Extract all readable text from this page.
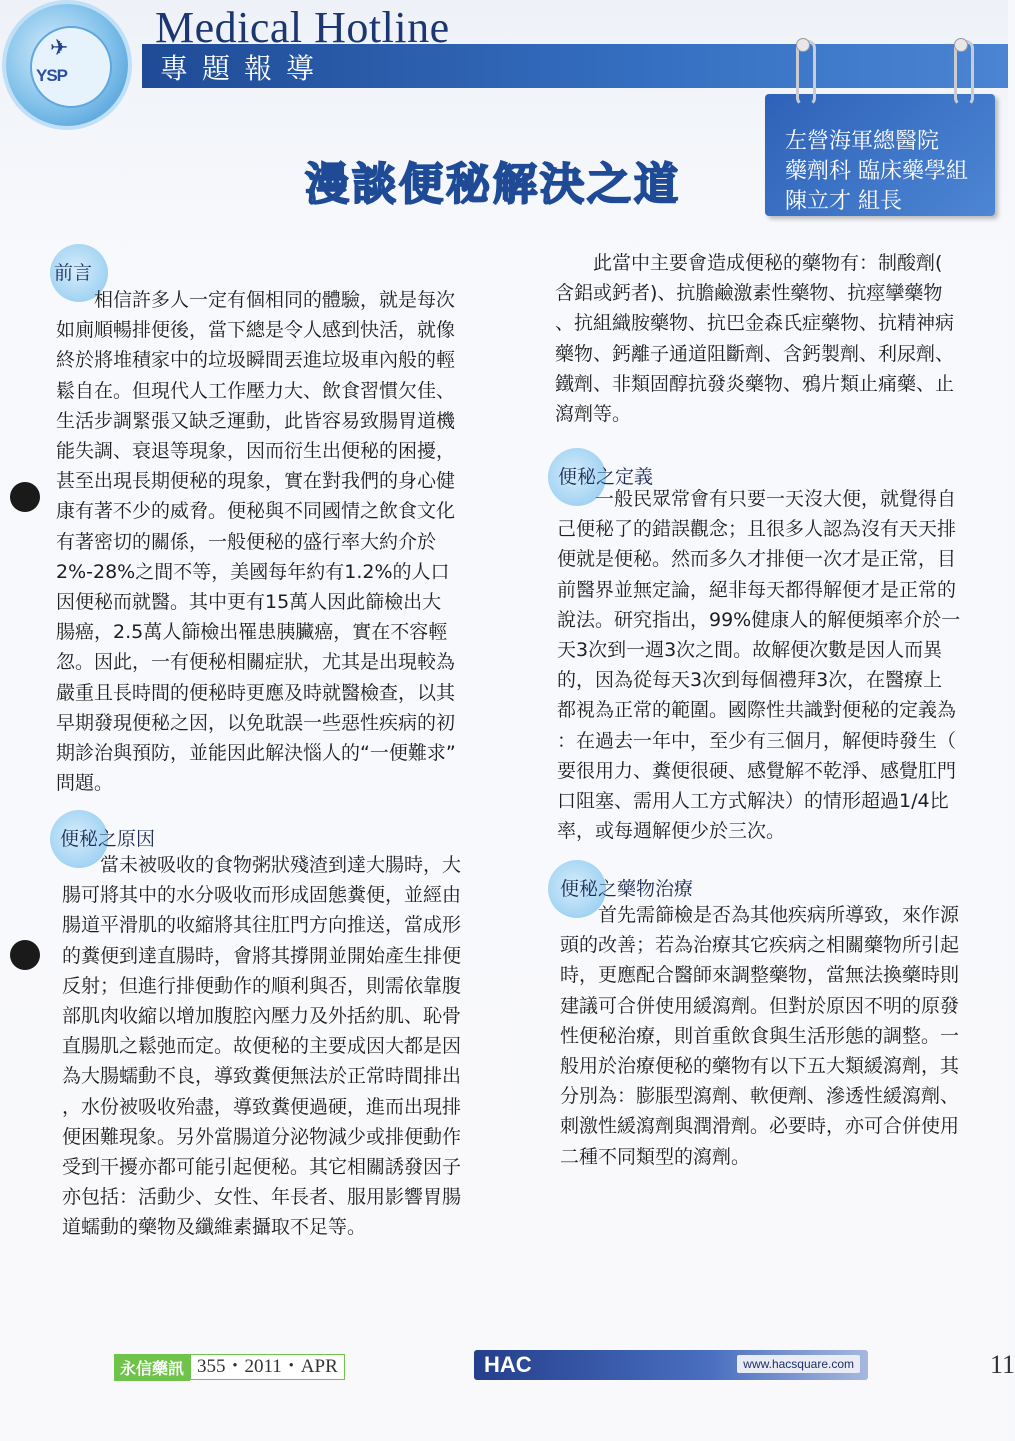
✈
YSP
Medical Hotline
專題報導
左營海軍總醫院
藥劑科 臨床藥學組
陳立才 組長
漫談便秘解決之道
前言
相信許多人一定有個相同的體驗，就是每次
如廁順暢排便後，當下總是令人感到快活，就像
終於將堆積家中的垃圾瞬間丟進垃圾車內般的輕
鬆自在。但現代人工作壓力大、飲食習慣欠佳、
生活步調緊張又缺乏運動，此皆容易致腸胃道機
能失調、衰退等現象，因而衍生出便秘的困擾，
甚至出現長期便秘的現象，實在對我們的身心健
康有著不少的威脅。便秘與不同國情之飲食文化
有著密切的關係，一般便秘的盛行率大約介於
2%-28%之間不等，美國每年約有1.2%的人口
因便秘而就醫。其中更有15萬人因此篩檢出大
腸癌，2.5萬人篩檢出罹患胰臟癌，實在不容輕
忽。因此，一有便秘相關症狀，尤其是出現較為
嚴重且長時間的便秘時更應及時就醫檢查，以其
早期發現便秘之因，以免耽誤一些惡性疾病的初
期診治與預防，並能因此解決惱人的“一便難求”
問題。
便秘之原因
當未被吸收的食物粥狀殘渣到達大腸時，大
腸可將其中的水分吸收而形成固態糞便，並經由
腸道平滑肌的收縮將其往肛門方向推送，當成形
的糞便到達直腸時，會將其撐開並開始產生排便
反射；但進行排便動作的順利與否，則需依靠腹
部肌肉收縮以增加腹腔內壓力及外括約肌、恥骨
直腸肌之鬆弛而定。故便秘的主要成因大都是因
為大腸蠕動不良，導致糞便無法於正常時間排出
，水份被吸收殆盡，導致糞便過硬，進而出現排
便困難現象。另外當腸道分泌物減少或排便動作
受到干擾亦都可能引起便秘。其它相關誘發因子
亦包括：活動少、女性、年長者、服用影響胃腸
道蠕動的藥物及纖維素攝取不足等。
此當中主要會造成便秘的藥物有：制酸劑(
含鋁或鈣者)、抗膽鹼激素性藥物、抗痙攣藥物
、抗組織胺藥物、抗巴金森氏症藥物、抗精神病
藥物、鈣離子通道阻斷劑、含鈣製劑、利尿劑、
鐵劑、非類固醇抗發炎藥物、鴉片類止痛藥、止
瀉劑等。
便秘之定義
一般民眾常會有只要一天沒大便，就覺得自
己便秘了的錯誤觀念；且很多人認為沒有天天排
便就是便秘。然而多久才排便一次才是正常，目
前醫界並無定論，絕非每天都得解便才是正常的
說法。研究指出，99%健康人的解便頻率介於一
天3次到一週3次之間。故解便次數是因人而異
的，因為從每天3次到每個禮拜3次，在醫療上
都視為正常的範圍。國際性共識對便秘的定義為
：在過去一年中，至少有三個月，解便時發生（
要很用力、糞便很硬、感覺解不乾淨、感覺肛門
口阻塞、需用人工方式解決）的情形超過1/4比
率，或每週解便少於三次。
便秘之藥物治療
首先需篩檢是否為其他疾病所導致，來作源
頭的改善；若為治療其它疾病之相關藥物所引起
時，更應配合醫師來調整藥物，當無法換藥時則
建議可合併使用緩瀉劑。但對於原因不明的原發
性便秘治療，則首重飲食與生活形態的調整。一
般用於治療便秘的藥物有以下五大類緩瀉劑，其
分別為：膨脹型瀉劑、軟便劑、滲透性緩瀉劑、
刺激性緩瀉劑與潤滑劑。必要時，亦可合併使用
二種不同類型的瀉劑。
永信藥訊 355・2011・APR	HAC	www.hacsquare.com	11
